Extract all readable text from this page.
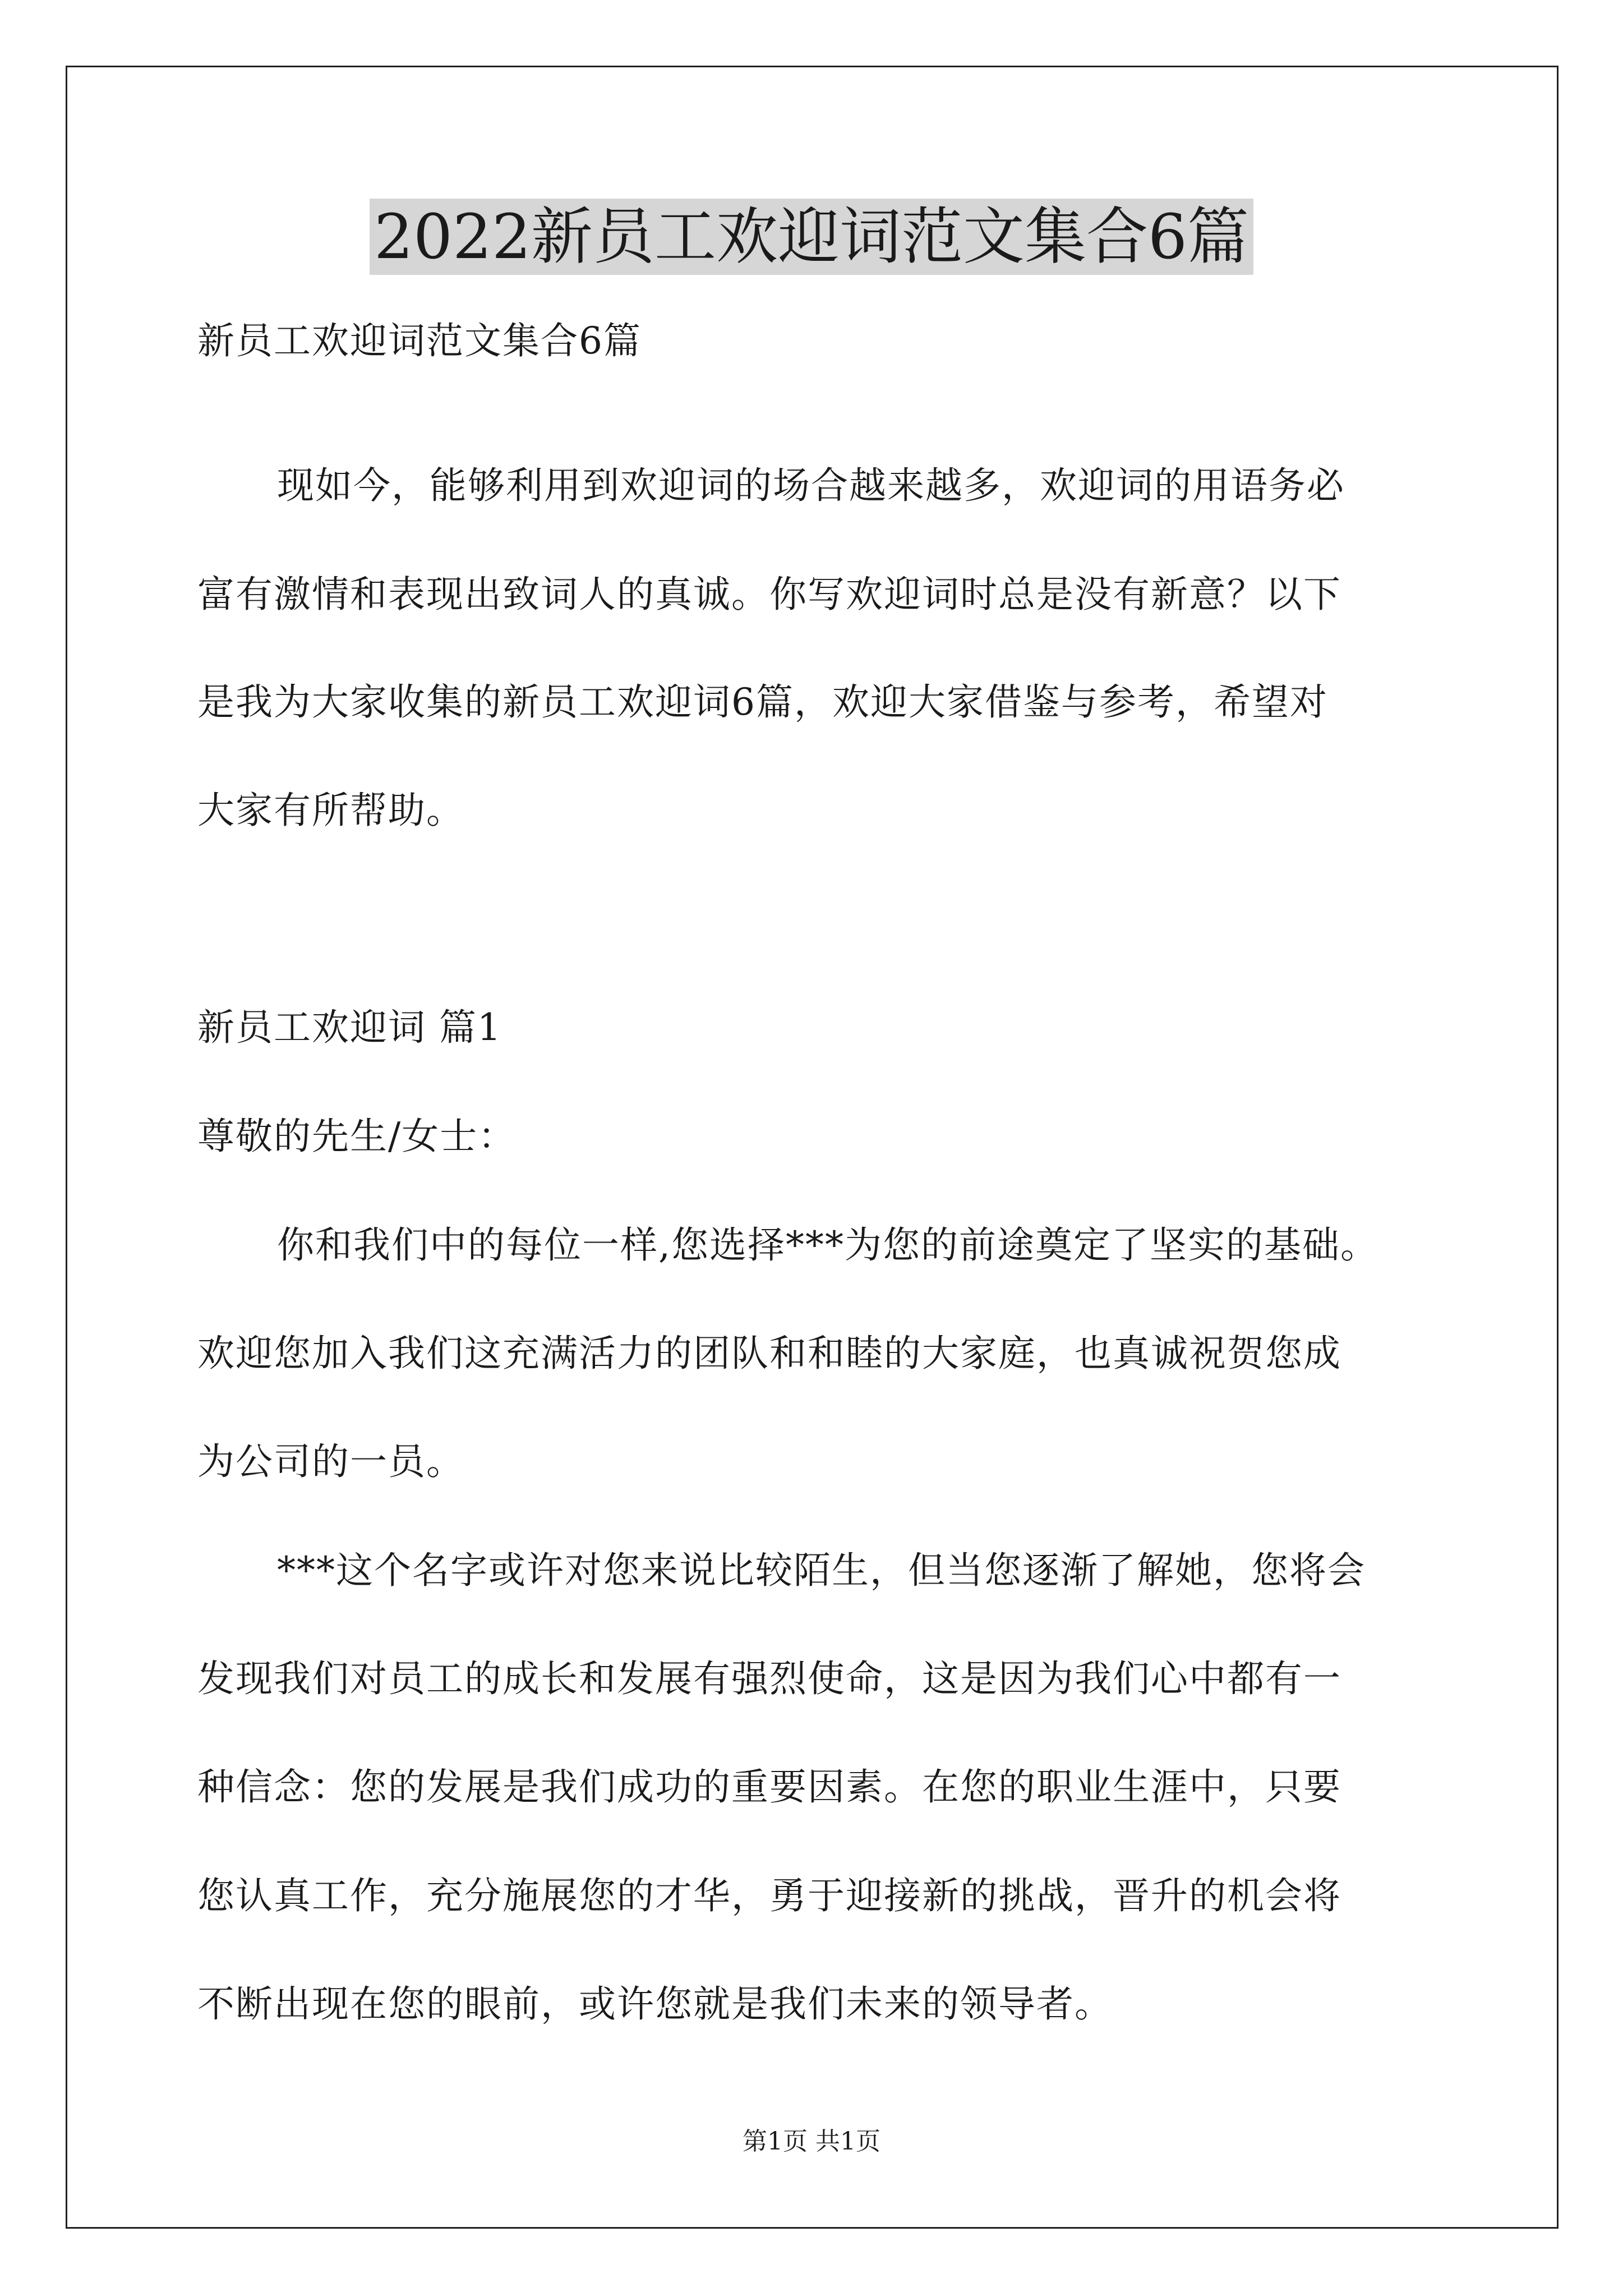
2022新员工欢迎词范文集合6篇
新员工欢迎词范文集合6篇
现如今，能够利用到欢迎词的场合越来越多，欢迎词的用语务必
富有激情和表现出致词人的真诚。你写欢迎词时总是没有新意？以下
是我为大家收集的新员工欢迎词6篇，欢迎大家借鉴与参考，希望对
大家有所帮助。
新员工欢迎词 篇1
尊敬的先生/女士：
你和我们中的每位一样,您选择***为您的前途奠定了坚实的基础。
欢迎您加入我们这充满活力的团队和和睦的大家庭，也真诚祝贺您成
为公司的一员。
***这个名字或许对您来说比较陌生，但当您逐渐了解她，您将会
发现我们对员工的成长和发展有强烈使命，这是因为我们心中都有一
种信念：您的发展是我们成功的重要因素。在您的职业生涯中，只要
您认真工作，充分施展您的才华，勇于迎接新的挑战，晋升的机会将
不断出现在您的眼前，或许您就是我们未来的领导者。
第1页 共1页
